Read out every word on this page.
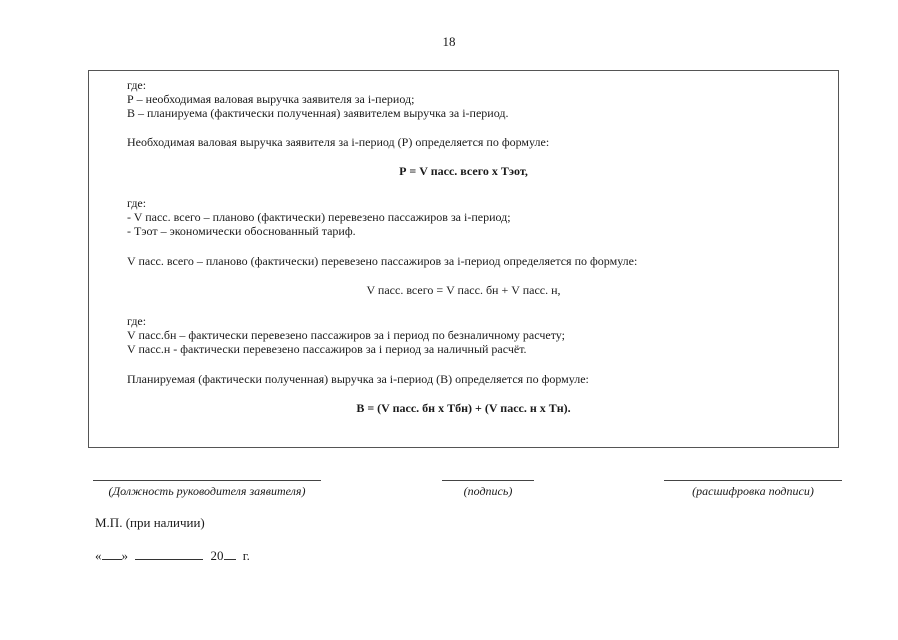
18
где:
Р – необходимая валовая выручка заявителя за i-период;
В – планируема (фактически полученная) заявителем выручка за i-период.
Необходимая валовая выручка заявителя за i-период (Р) определяется по формуле:
Р = V пасс. всего х Тэот,
где:
- V пасс. всего – планово (фактически) перевезено пассажиров за i-период;
- Тэот – экономически обоснованный тариф.
V пасс. всего – планово (фактически) перевезено пассажиров за i-период определяется по формуле:
V пасс. всего = V пасс. бн + V пасс. н,
где:
V пасс.бн – фактически перевезено пассажиров за i период по безналичному расчету;
V пасс.н - фактически перевезено пассажиров за i период за наличный расчёт.
Планируемая (фактически полученная) выручка за i-период (В) определяется по формуле:
В = (V пасс. бн х Тбн) + (V пасс. н х Тн).
(Должность руководителя заявителя)	(подпись)	(расшифровка подписи)
М.П. (при наличии)
« »	20 г.
